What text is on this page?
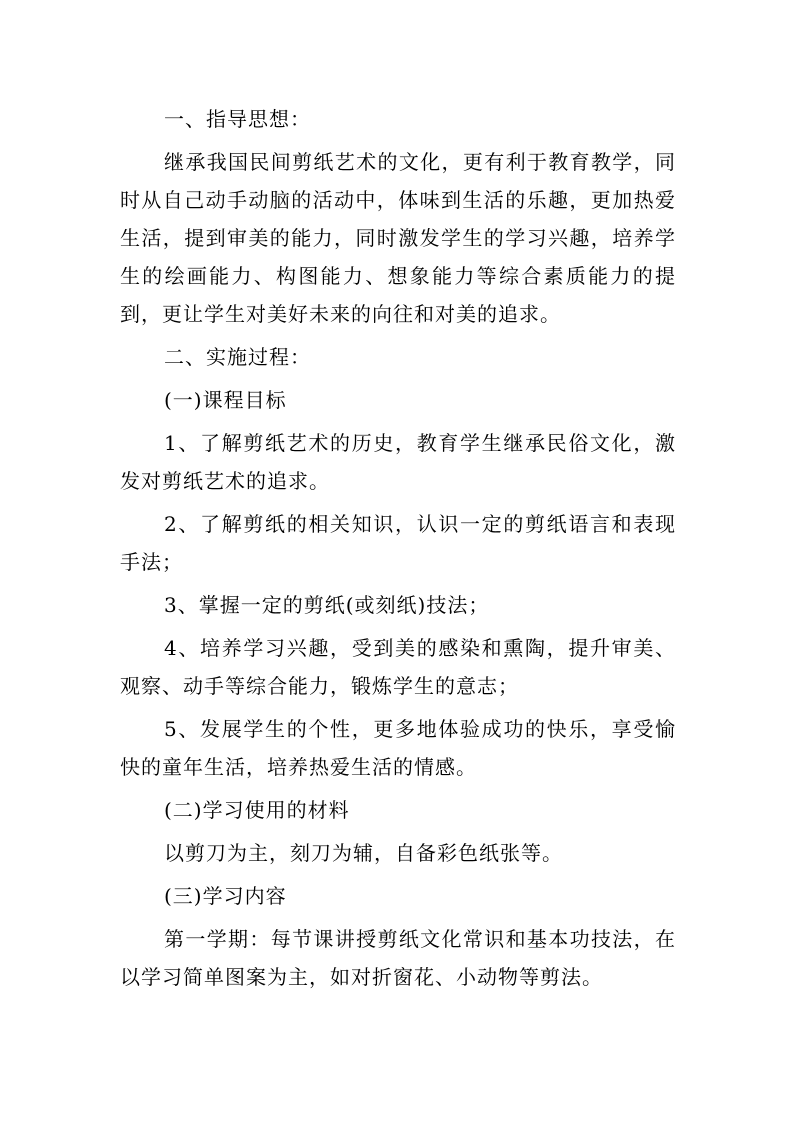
一、指导思想：

继承我国民间剪纸艺术的文化，更有利于教育教学，同时从自己动手动脑的活动中，体味到生活的乐趣，更加热爱生活，提到审美的能力，同时激发学生的学习兴趣，培养学生的绘画能力、构图能力、想象能力等综合素质能力的提到，更让学生对美好未来的向往和对美的追求。

二、实施过程：

(一)课程目标

1、了解剪纸艺术的历史，教育学生继承民俗文化，激发对剪纸艺术的追求。

2、了解剪纸的相关知识，认识一定的剪纸语言和表现手法；

3、掌握一定的剪纸(或刻纸)技法；

4、培养学习兴趣，受到美的感染和熏陶，提升审美、观察、动手等综合能力，锻炼学生的意志；

5、发展学生的个性，更多地体验成功的快乐，享受愉快的童年生活，培养热爱生活的情感。

(二)学习使用的材料

以剪刀为主，刻刀为辅，自备彩色纸张等。

(三)学习内容

第一学期：每节课讲授剪纸文化常识和基本功技法，在以学习简单图案为主，如对折窗花、小动物等剪法。
